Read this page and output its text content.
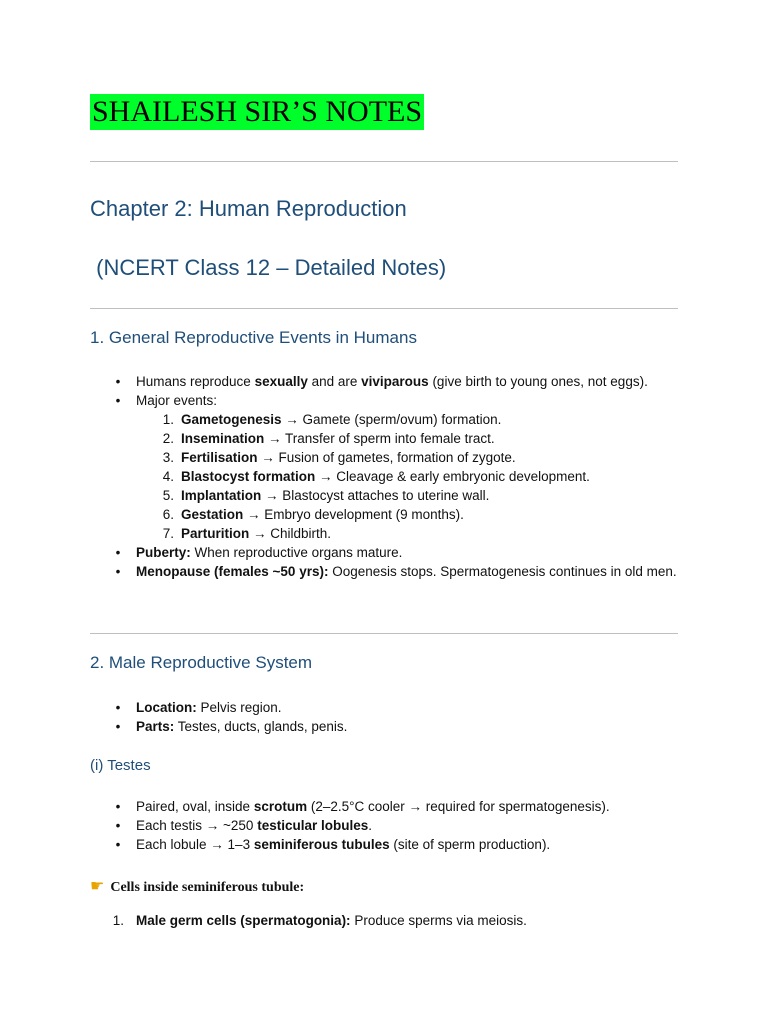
SHAILESH SIR’S NOTES
Chapter 2: Human Reproduction
(NCERT Class 12 – Detailed Notes)
1. General Reproductive Events in Humans
• Humans reproduce sexually and are viviparous (give birth to young ones, not eggs).
• Major events:
1. Gametogenesis → Gamete (sperm/ovum) formation.
2. Insemination → Transfer of sperm into female tract.
3. Fertilisation → Fusion of gametes, formation of zygote.
4. Blastocyst formation → Cleavage & early embryonic development.
5. Implantation → Blastocyst attaches to uterine wall.
6. Gestation → Embryo development (9 months).
7. Parturition → Childbirth.
• Puberty: When reproductive organs mature.
• Menopause (females ~50 yrs): Oogenesis stops. Spermatogenesis continues in old men.
2. Male Reproductive System
• Location: Pelvis region.
• Parts: Testes, ducts, glands, penis.
(i) Testes
• Paired, oval, inside scrotum (2–2.5°C cooler → required for spermatogenesis).
• Each testis → ~250 testicular lobules.
• Each lobule → 1–3 seminiferous tubules (site of sperm production).
☛ Cells inside seminiferous tubule:
1. Male germ cells (spermatogonia): Produce sperms via meiosis.
